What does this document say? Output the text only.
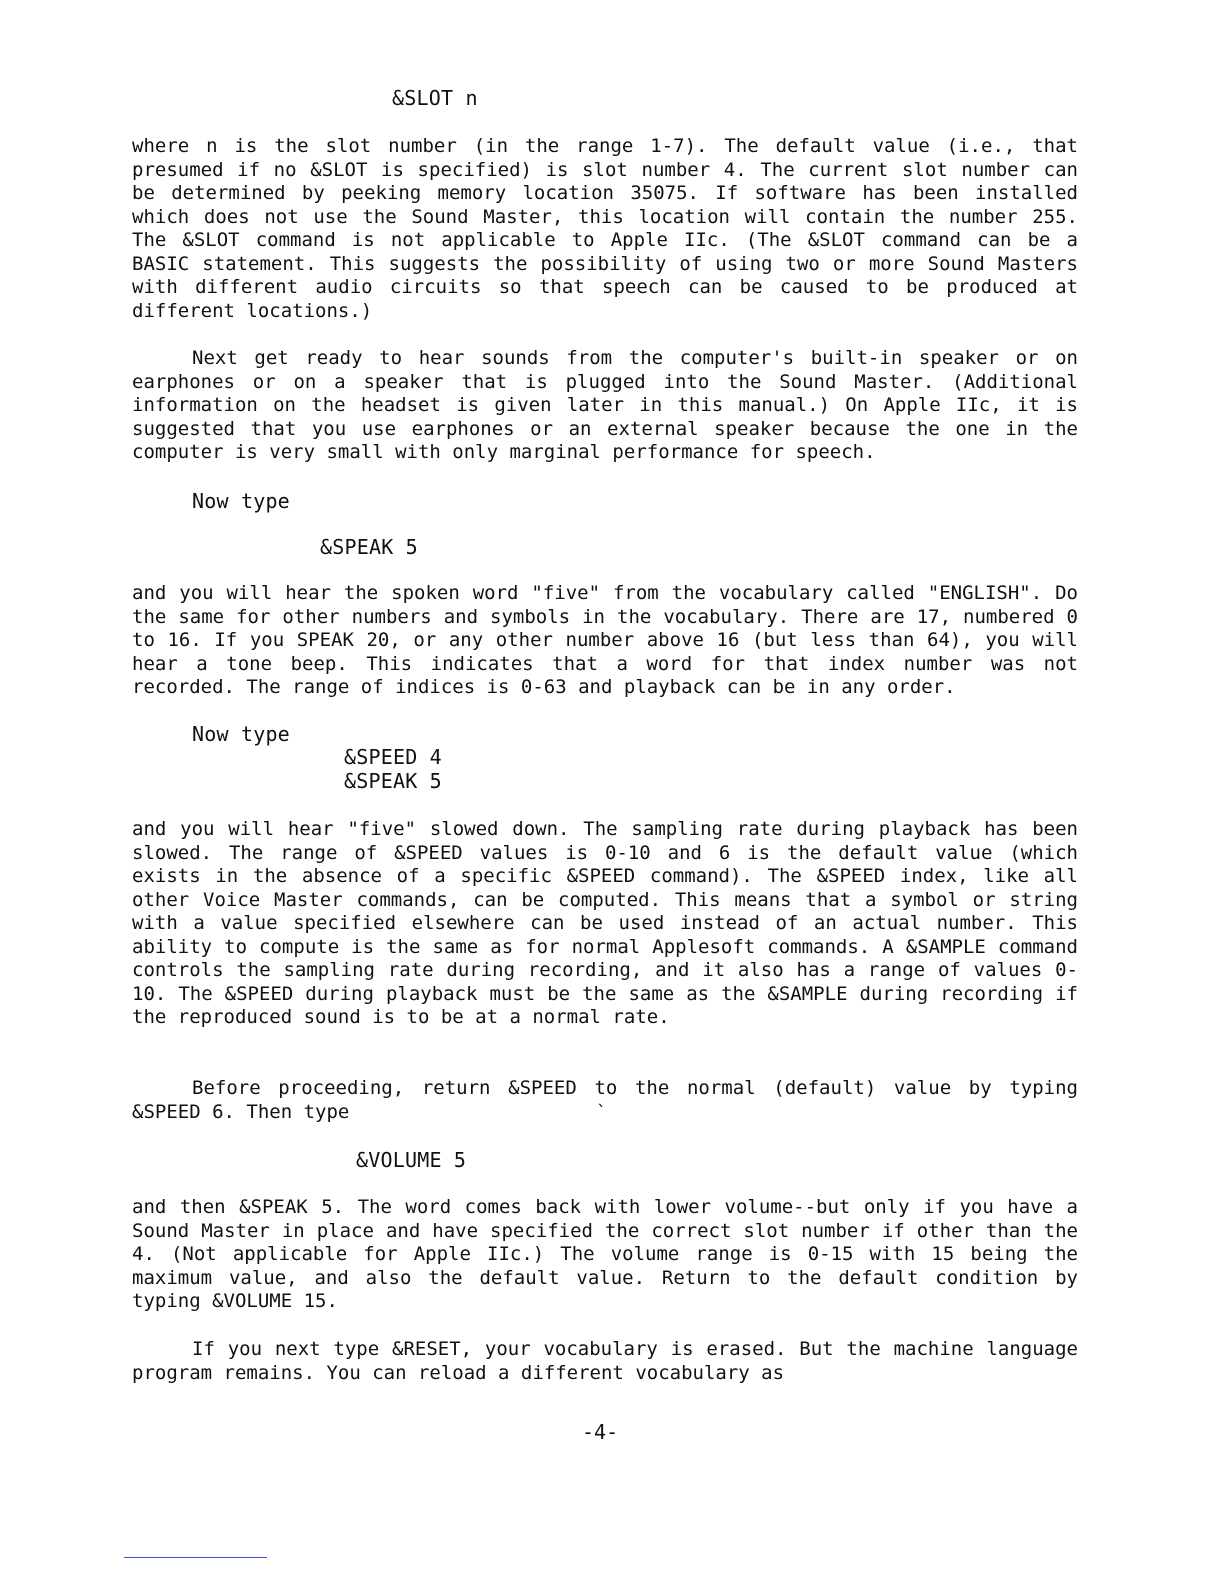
&SLOT n

where n is the slot number (in the range 1-7). The default value (i.e., that presumed if no &SLOT is specified) is slot number 4. The current slot number can be determined by peeking memory location 35075. If software has been installed which does not use the Sound Master, this location will contain the number 255. The &SLOT command is not applicable to Apple IIc. (The &SLOT command can be a BASIC statement. This suggests the possibility of using two or more Sound Masters with different audio circuits so that speech can be caused to be produced at different locations.)

Next get ready to hear sounds from the computer's built-in speaker or on earphones or on a speaker that is plugged into the Sound Master. (Additional information on the headset is given later in this manual.) On Apple IIc, it is suggested that you use earphones or an external speaker because the one in the computer is very small with only marginal performance for speech.

Now type
&SPEAK 5

and you will hear the spoken word "five" from the vocabulary called "ENGLISH". Do the same for other numbers and symbols in the vocabulary. There are 17, numbered 0 to 16. If you SPEAK 20, or any other number above 16 (but less than 64), you will hear a tone beep. This indicates that a word for that index number was not recorded. The range of indices is 0-63 and playback can be in any order.

Now type
&SPEED 4
&SPEAK 5

and you will hear "five" slowed down. The sampling rate during playback has been slowed. The range of &SPEED values is 0-10 and 6 is the default value (which exists in the absence of a specific &SPEED command). The &SPEED index, like all other Voice Master commands, can be computed. This means that a symbol or string with a value specified elsewhere can be used instead of an actual number. This ability to compute is the same as for normal Applesoft commands. A &SAMPLE command controls the sampling rate during recording, and it also has a range of values 0-10. The &SPEED during playback must be the same as the &SAMPLE during recording if the reproduced sound is to be at a normal rate.

Before proceeding, return &SPEED to the normal (default) value by typing &SPEED 6. Then type	`
&VOLUME 5

and then &SPEAK 5. The word comes back with lower volume--but only if you have a Sound Master in place and have specified the correct slot number if other than the 4. (Not applicable for Apple IIc.) The volume range is 0-15 with 15 being the maximum value, and also the default value. Return to the default condition by typing &VOLUME 15.

If you next type &RESET, your vocabulary is erased. But the machine language program remains. You can reload a different vocabulary as

-4-
